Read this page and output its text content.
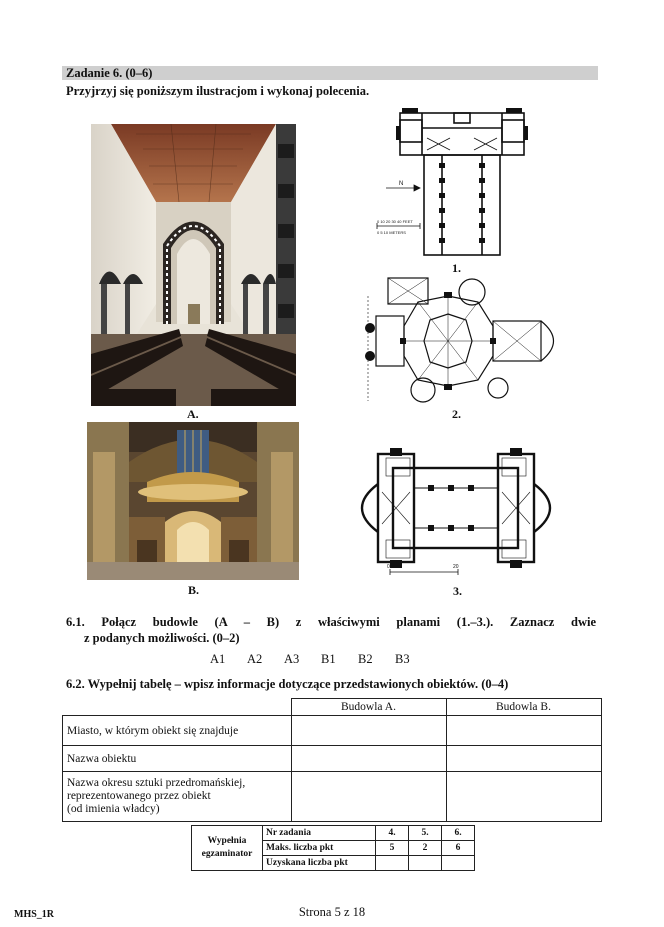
Zadanie 6. (0–6)
Przyjrzyj się poniższym ilustracjom i wykonaj polecenia.
A.
B.
N
0 10 20 30 40 FEET
0 5 10 METERS
1.
2.
0	20
3.
6.1. Połącz budowle (A – B) z właściwymi planami (1.–3.). Zaznacz dwie
z podanych możliwości. (0–2)
A1	A2	A3	B1	B2	B3
6.2. Wypełnij tabelę – wpisz informacje dotyczące przedstawionych obiektów. (0–4)
	Budowla A.	Budowla B.
Miasto, w którym obiekt się znajduje		
Nazwa obiektu		
Nazwa okresu sztuki przedromańskiej,
reprezentowanego przez obiekt
(od imienia władcy)		
Wypełnia
egzaminator	Nr zadania	4.	5.	6.
	Maks. liczba pkt	5	2	6
	Uzyskana liczba pkt			
MHS_1R	Strona 5 z 18
